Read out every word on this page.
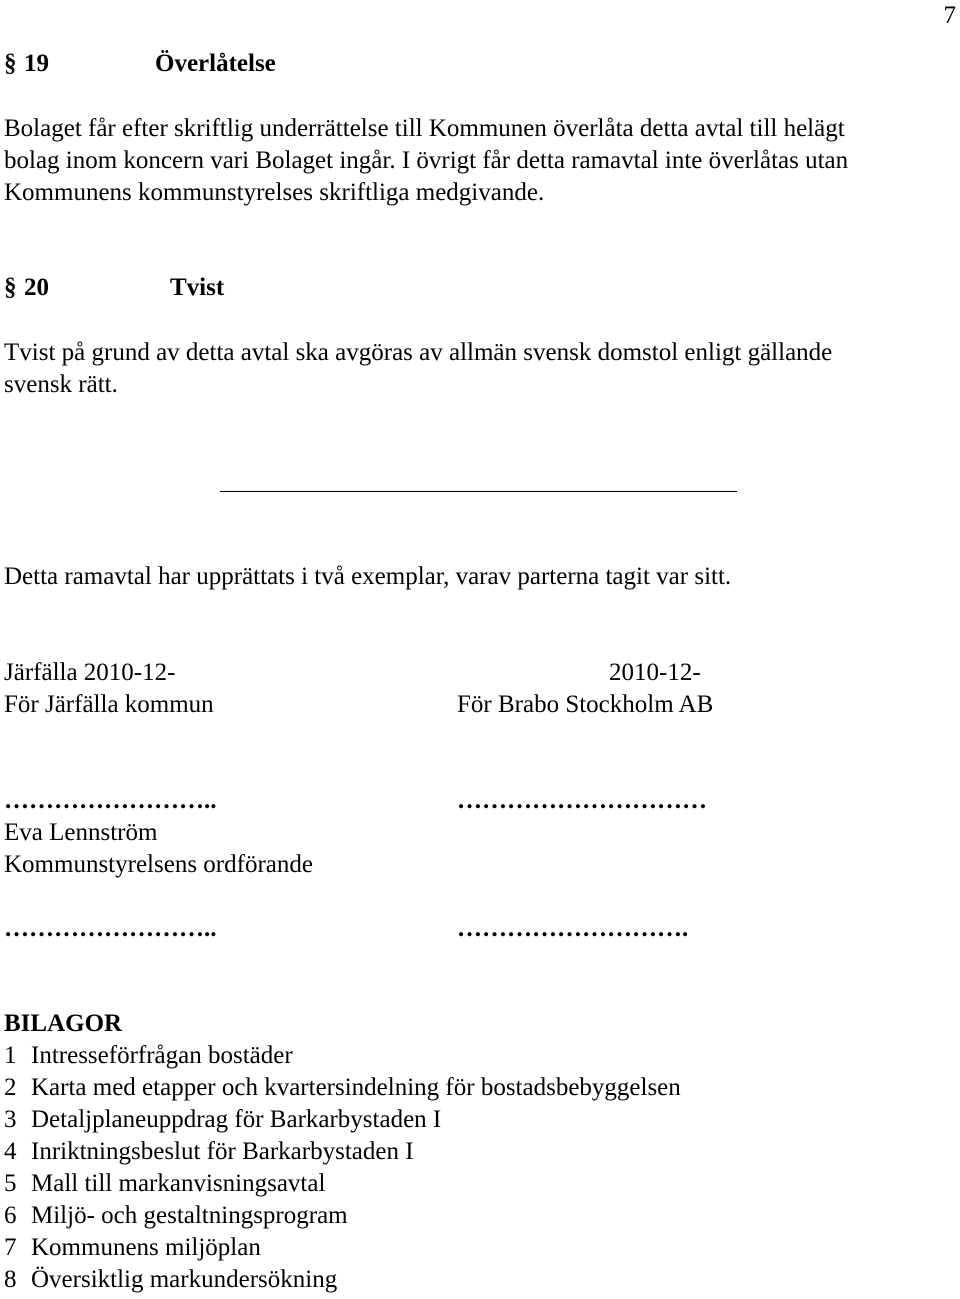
7
§ 19	Överlåtelse
Bolaget får efter skriftlig underrättelse till Kommunen överlåta detta avtal till helägt
bolag inom koncern vari Bolaget ingår. I övrigt får detta ramavtal inte överlåtas utan
Kommunens kommunstyrelses skriftliga medgivande.
§ 20	Tvist
Tvist på grund av detta avtal ska avgöras av allmän svensk domstol enligt gällande
svensk rätt.
Detta ramavtal har upprättats i två exemplar, varav parterna tagit var sitt.
Järfälla 2010-12-
För Järfälla kommun
……………………..
Eva Lennström
Kommunstyrelsens ordförande
……………………..
2010-12-
För Brabo Stockholm AB
…………………………
……………………….
BILAGOR
1 Intresseförfrågan bostäder
2 Karta med etapper och kvartersindelning för bostadsbebyggelsen
3 Detaljplaneuppdrag för Barkarbystaden I
4 Inriktningsbeslut för Barkarbystaden I
5 Mall till markanvisningsavtal
6 Miljö- och gestaltningsprogram
7 Kommunens miljöplan
8 Översiktlig markundersökning
